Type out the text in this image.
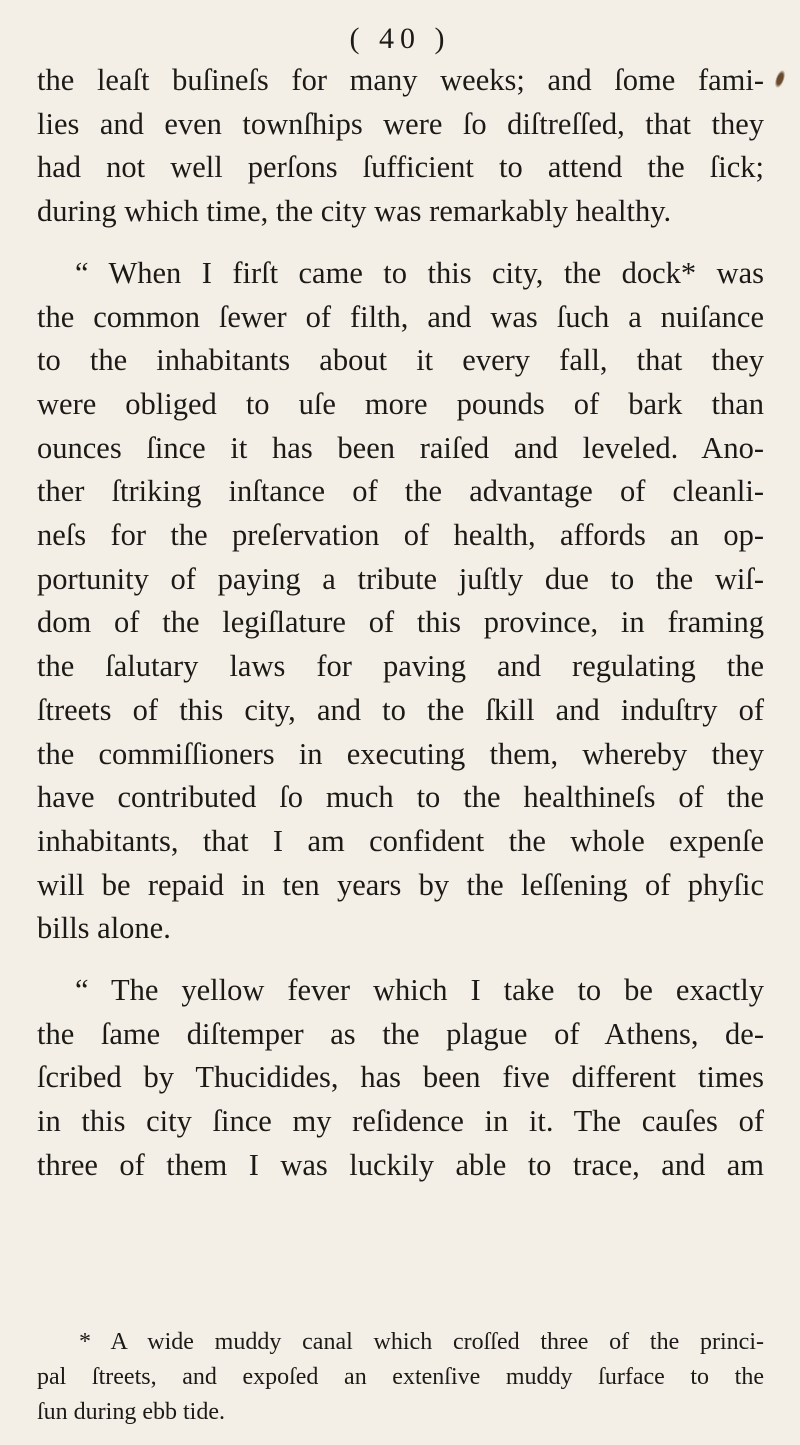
( 40 )
the leaſt buſineſs for many weeks; and ſome fami-
lies and even townſhips were ſo diſtreſſed, that they
had not well perſons ſufficient to attend the ſick;
during which time, the city was remarkably healthy.
“ When I firſt came to this city, the dock* was
the common ſewer of filth, and was ſuch a nuiſance
to the inhabitants about it every fall, that they
were obliged to uſe more pounds of bark than
ounces ſince it has been raiſed and leveled. Ano-
ther ſtriking inſtance of the advantage of cleanli-
neſs for the preſervation of health, affords an op-
portunity of paying a tribute juſtly due to the wiſ-
dom of the legiſlature of this province, in framing
the ſalutary laws for paving and regulating the
ſtreets of this city, and to the ſkill and induſtry of
the commiſſioners in executing them, whereby they
have contributed ſo much to the healthineſs of the
inhabitants, that I am confident the whole expenſe
will be repaid in ten years by the leſſening of phyſic
bills alone.
“ The yellow fever which I take to be exactly
the ſame diſtemper as the plague of Athens, de-
ſcribed by Thucidides, has been five different times
in this city ſince my reſidence in it. The cauſes of
three of them I was luckily able to trace, and am
* A wide muddy canal which croſſed three of the princi-
pal ſtreets, and expoſed an extenſive muddy ſurface to the
ſun during ebb tide.
